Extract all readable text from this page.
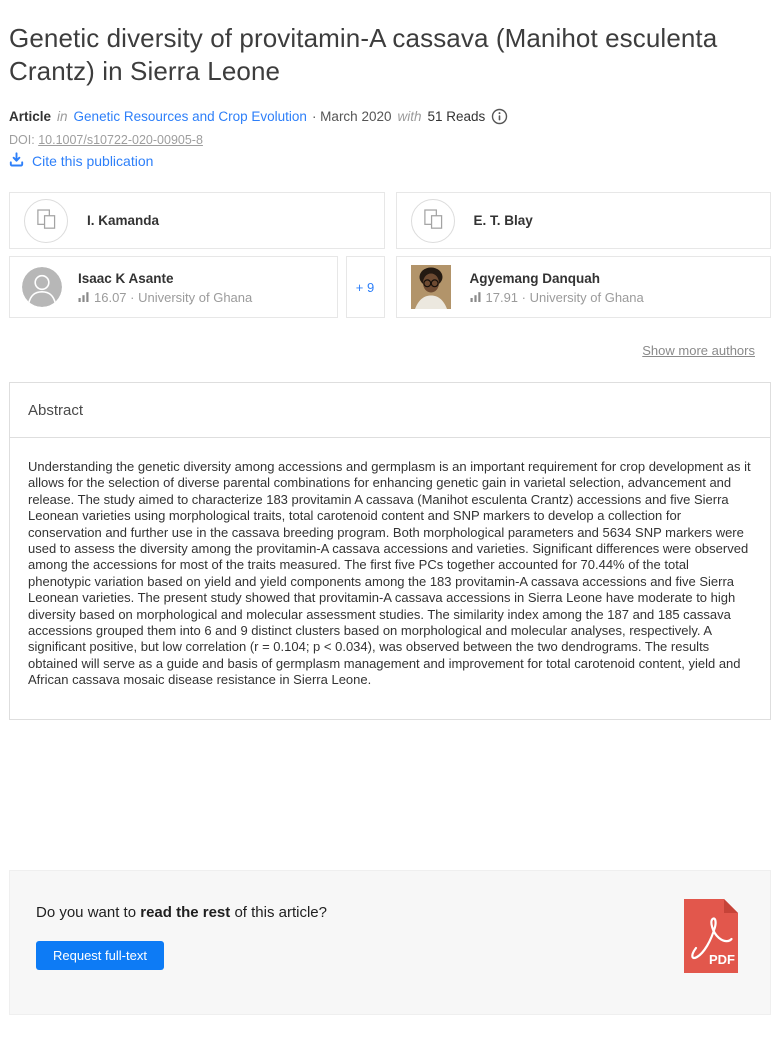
Genetic diversity of provitamin-A cassava (Manihot esculenta Crantz) in Sierra Leone
Article in Genetic Resources and Crop Evolution · March 2020 with 51 Reads
DOI: 10.1007/s10722-020-00905-8
Cite this publication
I. Kamanda	E. T. Blay
Isaac K Asante
16.07 · University of Ghana
+ 9
Agyemang Danquah
17.91 · University of Ghana
Show more authors
Abstract
Understanding the genetic diversity among accessions and germplasm is an important requirement for crop development as it allows for the selection of diverse parental combinations for enhancing genetic gain in varietal selection, advancement and release. The study aimed to characterize 183 provitamin A cassava (Manihot esculenta Crantz) accessions and five Sierra Leonean varieties using morphological traits, total carotenoid content and SNP markers to develop a collection for conservation and further use in the cassava breeding program. Both morphological parameters and 5634 SNP markers were used to assess the diversity among the provitamin-A cassava accessions and varieties. Significant differences were observed among the accessions for most of the traits measured. The first five PCs together accounted for 70.44% of the total phenotypic variation based on yield and yield components among the 183 provitamin-A cassava accessions and five Sierra Leonean varieties. The present study showed that provitamin-A cassava accessions in Sierra Leone have moderate to high diversity based on morphological and molecular assessment studies. The similarity index among the 187 and 185 cassava accessions grouped them into 6 and 9 distinct clusters based on morphological and molecular analyses, respectively. A significant positive, but low correlation (r = 0.104; p < 0.034), was observed between the two dendrograms. The results obtained will serve as a guide and basis of germplasm management and improvement for total carotenoid content, yield and African cassava mosaic disease resistance in Sierra Leone.
Do you want to read the rest of this article?
Request full-text	PDF
